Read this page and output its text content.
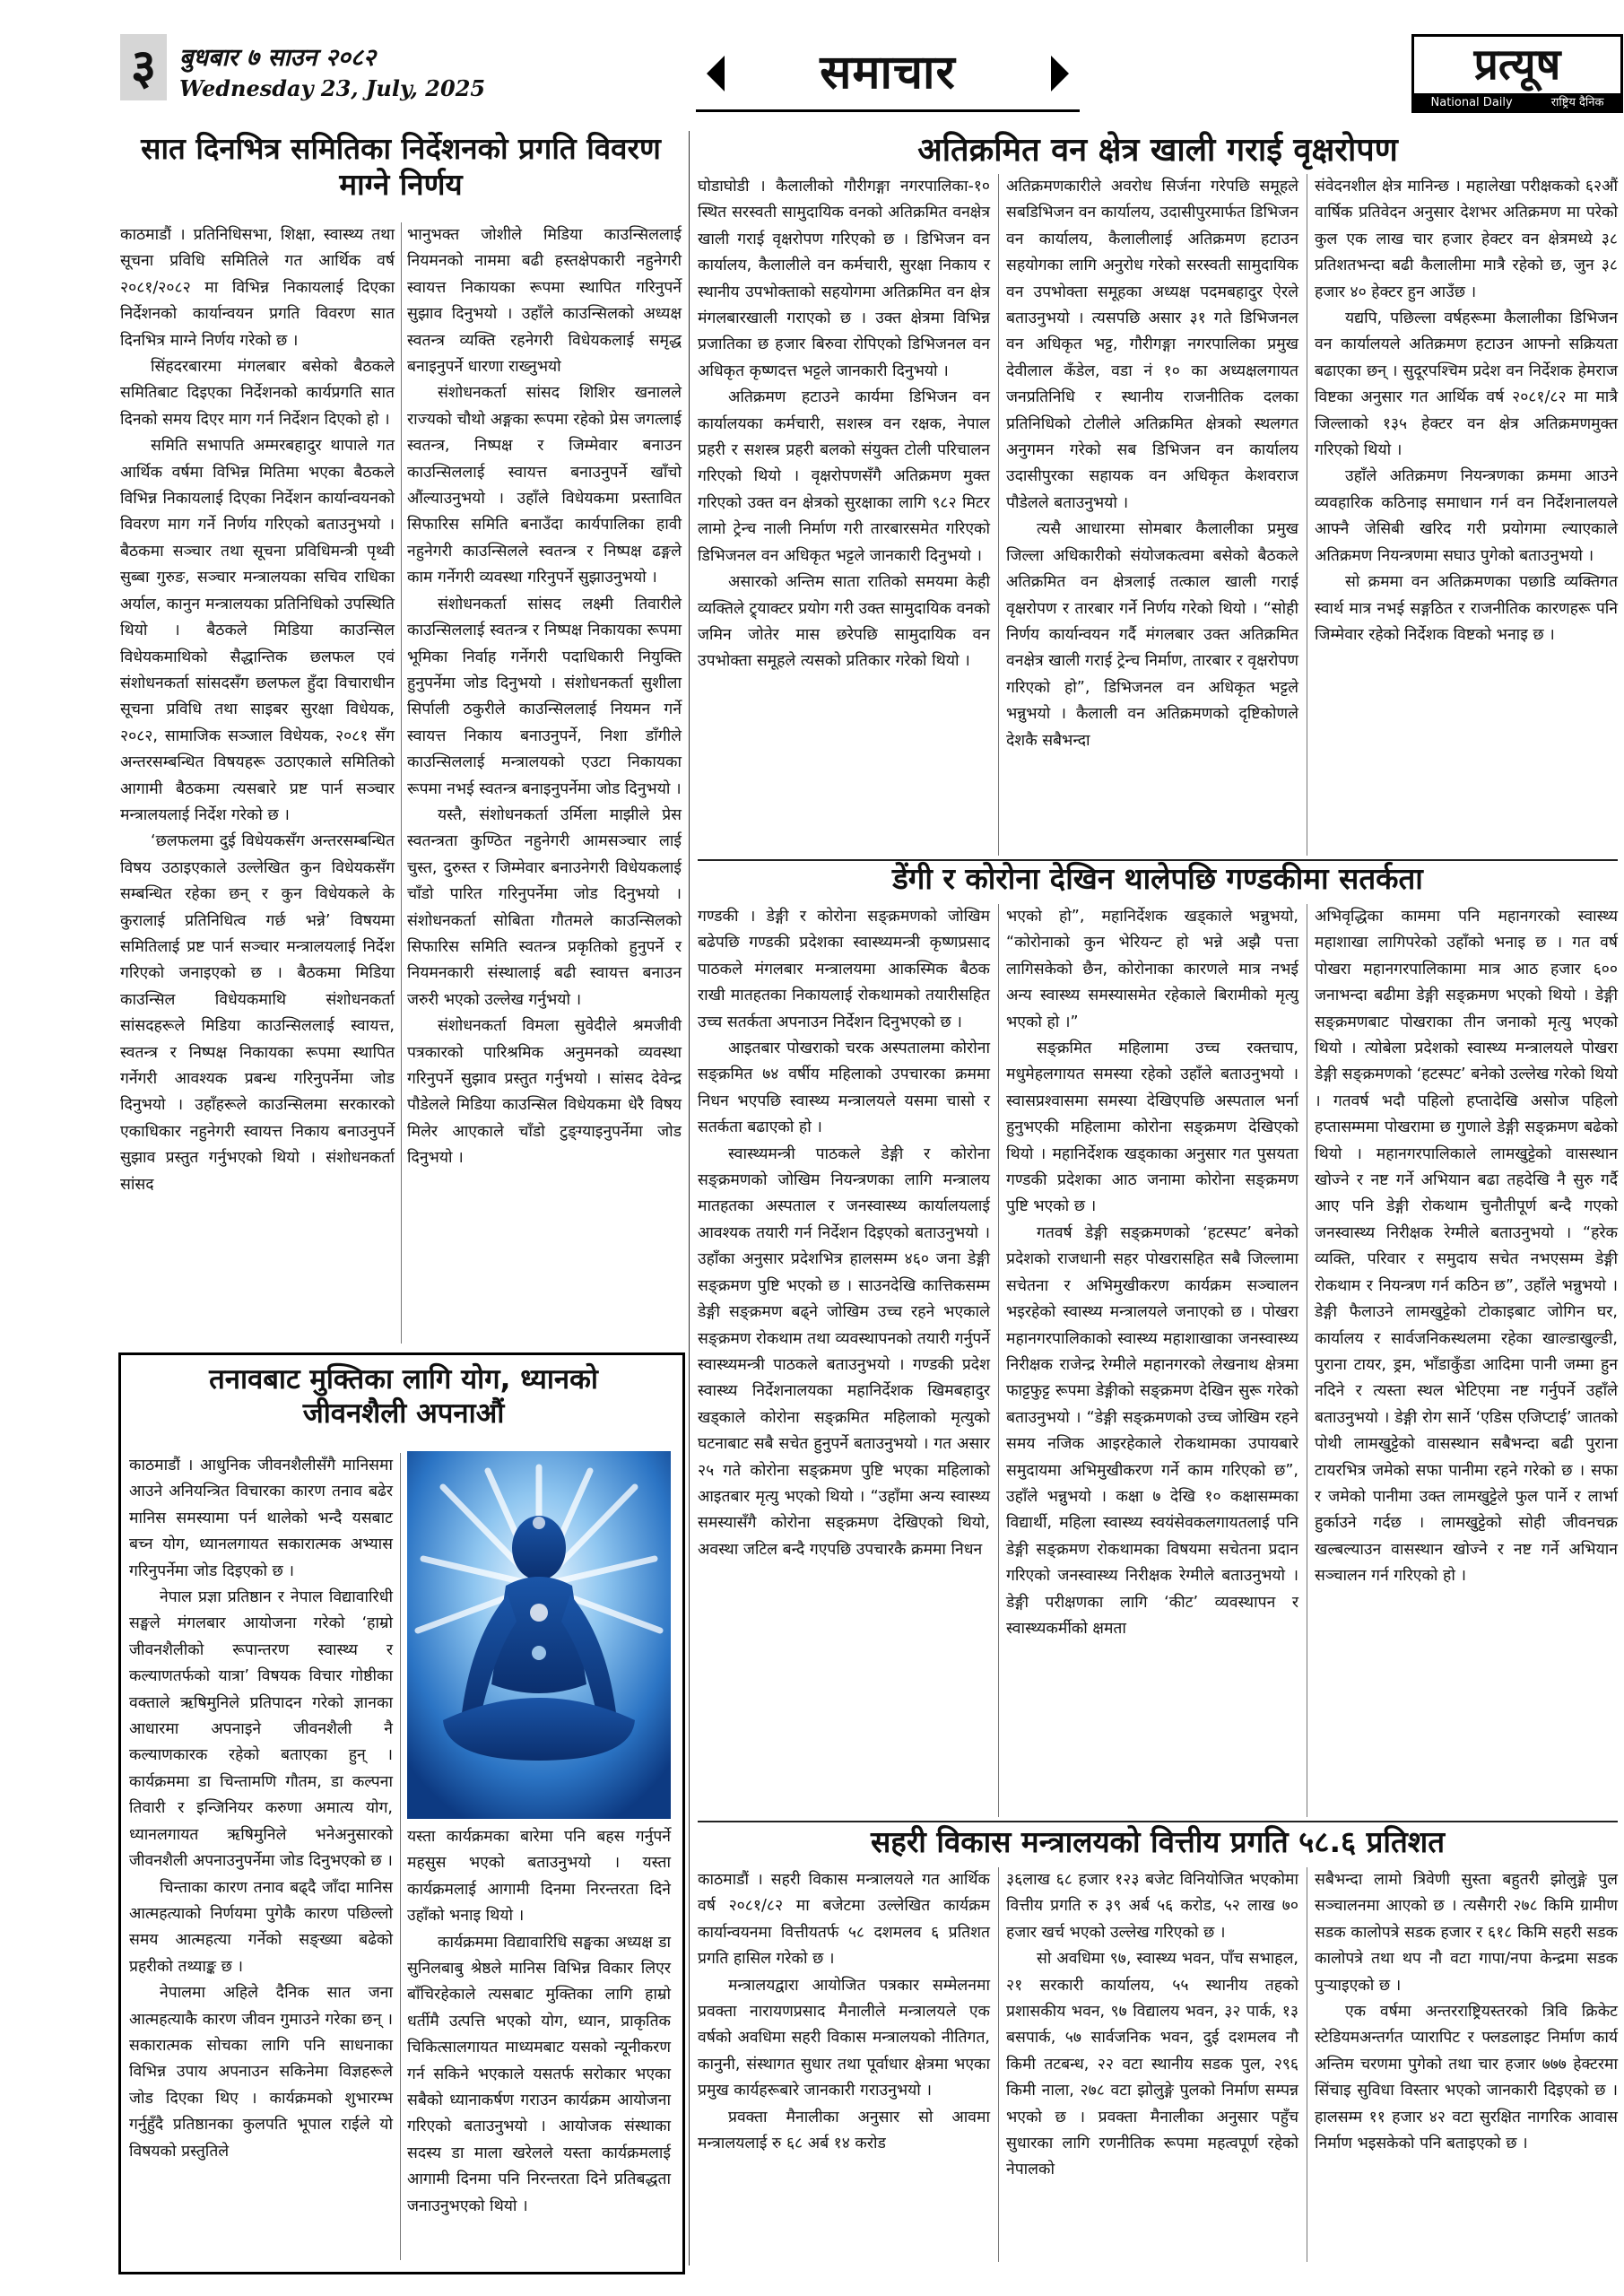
३ बुधबार ७ साउन २०८२
Wednesday 23, July, 2025	समाचार	प्रत्यूष
National Daily	राष्ट्रिय दैनिक
सात दिनभित्र समितिका निर्देशनको प्रगति विवरण माग्ने निर्णय

काठमाडौं । प्रतिनिधिसभा, शिक्षा, स्वास्थ्य तथा सूचना प्रविधि समितिले गत आर्थिक वर्ष २०८१/२०८२ मा विभिन्न निकायलाई दिएका निर्देशनको कार्यान्वयन प्रगति विवरण सात दिनभित्र माग्ने निर्णय गरेको छ ।

सिंहदरबारमा मंगलबार बसेको बैठकले समितिबाट दिइएका निर्देशनको कार्यप्रगति सात दिनको समय दिएर माग गर्न निर्देशन दिएको हो ।

समिति सभापति अम्मरबहादुर थापाले गत आर्थिक वर्षमा विभिन्न मितिमा भएका बैठकले विभिन्न निकायलाई दिएका निर्देशन कार्यान्वयनको विवरण माग गर्ने निर्णय गरिएको बताउनुभयो । बैठकमा सञ्चार तथा सूचना प्रविधिमन्त्री पृथ्वी सुब्बा गुरुङ, सञ्चार मन्त्रालयका सचिव राधिका अर्याल, कानुन मन्त्रालयका प्रतिनिधिको उपस्थिति थियो । बैठकले मिडिया काउन्सिल विधेयकमाथिको सैद्धान्तिक छलफल एवं संशोधनकर्ता सांसदसँग छलफल हुँदा विचाराधीन सूचना प्रविधि तथा साइबर सुरक्षा विधेयक, २०८२, सामाजिक सञ्जाल विधेयक, २०८१ सँग अन्तरसम्बन्धित विषयहरू उठाएकाले समितिको आगामी बैठकमा त्यसबारे प्रष्ट पार्न सञ्चार मन्त्रालयलाई निर्देश गरेको छ ।

‘छलफलमा दुई विधेयकसँग अन्तरसम्बन्धित विषय उठाइएकाले उल्लेखित कुन विधेयकसँग सम्बन्धित रहेका छन् र कुन विधेयकले के कुरालाई प्रतिनिधित्व गर्छ भन्ने’ विषयमा समितिलाई प्रष्ट पार्न सञ्चार मन्त्रालयलाई निर्देश गरिएको जनाइएको छ । बैठकमा मिडिया काउन्सिल विधेयकमाथि संशोधनकर्ता सांसदहरूले मिडिया काउन्सिललाई स्वायत्त, स्वतन्त्र र निष्पक्ष निकायका रूपमा स्थापित गर्नेगरी आवश्यक प्रबन्ध गरिनुपर्नेमा जोड दिनुभयो । उहाँहरूले काउन्सिलमा सरकारको एकाधिकार नहुनेगरी स्वायत्त निकाय बनाउनुपर्ने सुझाव प्रस्तुत गर्नुभएको थियो । संशोधनकर्ता सांसद

भानुभक्त जोशीले मिडिया काउन्सिललाई नियमनको नाममा बढी हस्तक्षेपकारी नहुनेगरी स्वायत्त निकायका रूपमा स्थापित गरिनुपर्ने सुझाव दिनुभयो । उहाँले काउन्सिलको अध्यक्ष स्वतन्त्र व्यक्ति रहनेगरी विधेयकलाई समृद्ध बनाइनुपर्ने धारणा राख्नुभयो

संशोधनकर्ता सांसद शिशिर खनालले राज्यको चौथो अङ्गका रूपमा रहेको प्रेस जगत्लाई स्वतन्त्र, निष्पक्ष र जिम्मेवार बनाउन काउन्सिललाई स्वायत्त बनाउनुपर्ने खाँचो औंल्याउनुभयो । उहाँले विधेयकमा प्रस्तावित सिफारिस समिति बनाउँदा कार्यपालिका हावी नहुनेगरी काउन्सिलले स्वतन्त्र र निष्पक्ष ढङ्गले काम गर्नेगरी व्यवस्था गरिनुपर्ने सुझाउनुभयो ।

संशोधनकर्ता सांसद लक्ष्मी तिवारीले काउन्सिललाई स्वतन्त्र र निष्पक्ष निकायका रूपमा भूमिका निर्वाह गर्नेगरी पदाधिकारी नियुक्ति हुनुपर्नेमा जोड दिनुभयो । संशोधनकर्ता सुशीला सिर्पाली ठकुरीले काउन्सिललाई नियमन गर्ने स्वायत्त निकाय बनाउनुपर्ने, निशा डाँगीले काउन्सिललाई मन्त्रालयको एउटा निकायका रूपमा नभई स्वतन्त्र बनाइनुपर्नेमा जोड दिनुभयो ।

यस्तै, संशोधनकर्ता उर्मिला माझीले प्रेस स्वतन्त्रता कुण्ठित नहुनेगरी आमसञ्चार लाई चुस्त, दुरुस्त र जिम्मेवार बनाउनेगरी विधेयकलाई चाँडो पारित गरिनुपर्नेमा जोड दिनुभयो । संशोधनकर्ता सोबिता गौतमले काउन्सिलको सिफारिस समिति स्वतन्त्र प्रकृतिको हुनुपर्ने र नियमनकारी संस्थालाई बढी स्वायत्त बनाउन जरुरी भएको उल्लेख गर्नुभयो ।

संशोधनकर्ता विमला सुवेदीले श्रमजीवी पत्रकारको पारिश्रमिक अनुमनको व्यवस्था गरिनुपर्ने सुझाव प्रस्तुत गर्नुभयो । सांसद देवेन्द्र पौडेलले मिडिया काउन्सिल विधेयकमा धेरै विषय मिलेर आएकाले चाँडो टुङ्ग्याइनुपर्नेमा जोड दिनुभयो ।

अतिक्रमित वन क्षेत्र खाली गराई वृक्षरोपण

घोडाघोडी । कैलालीको गौरीगङ्गा नगरपालिका-१० स्थित सरस्वती सामुदायिक वनको अतिक्रमित वनक्षेत्र खाली गराई वृक्षरोपण गरिएको छ । डिभिजन वन कार्यालय, कैलालीले वन कर्मचारी, सुरक्षा निकाय र स्थानीय उपभोक्ताको सहयोगमा अतिक्रमित वन क्षेत्र मंगलबारखाली गराएको छ । उक्त क्षेत्रमा विभिन्न प्रजातिका छ हजार बिरुवा रोपिएको डिभिजनल वन अधिकृत कृष्णदत्त भट्टले जानकारी दिनुभयो ।

अतिक्रमण हटाउने कार्यमा डिभिजन वन कार्यालयका कर्मचारी, सशस्त्र वन रक्षक, नेपाल प्रहरी र सशस्त्र प्रहरी बलको संयुक्त टोली परिचालन गरिएको थियो । वृक्षरोपणसँगै अतिक्रमण मुक्त गरिएको उक्त वन क्षेत्रको सुरक्षाका लागि ९८२ मिटर लामो ट्रेन्च नाली निर्माण गरी तारबारसमेत गरिएको डिभिजनल वन अधिकृत भट्टले जानकारी दिनुभयो ।

असारको अन्तिम साता रातिको समयमा केही व्यक्तिले ट्र्याक्टर प्रयोग गरी उक्त सामुदायिक वनको जमिन जोतेर मास छरेपछि सामुदायिक वन उपभोक्ता समूहले त्यसको प्रतिकार गरेको थियो ।

अतिक्रमणकारीले अवरोध सिर्जना गरेपछि समूहले सबडिभिजन वन कार्यालय, उदासीपुरमार्फत डिभिजन वन कार्यालय, कैलालीलाई अतिक्रमण हटाउन सहयोगका लागि अनुरोध गरेको सरस्वती सामुदायिक वन उपभोक्ता समूहका अध्यक्ष पदमबहादुर ऐरले बताउनुभयो । त्यसपछि असार ३१ गते डिभिजनल वन अधिकृत भट्ट, गौरीगङ्गा नगरपालिका प्रमुख देवीलाल कँडेल, वडा नं १० का अध्यक्षलगायत जनप्रतिनिधि र स्थानीय राजनीतिक दलका प्रतिनिधिको टोलीले अतिक्रमित क्षेत्रको स्थलगत अनुगमन गरेको सब डिभिजन वन कार्यालय उदासीपुरका सहायक वन अधिकृत केशवराज पौडेलले बताउनुभयो ।

त्यसै आधारमा सोमबार कैलालीका प्रमुख जिल्ला अधिकारीको संयोजकत्वमा बसेको बैठकले अतिक्रमित वन क्षेत्रलाई तत्काल खाली गराई वृक्षरोपण र तारबार गर्ने निर्णय गरेको थियो । “सोही निर्णय कार्यान्वयन गर्दै मंगलबार उक्त अतिक्रमित वनक्षेत्र खाली गराई ट्रेन्च निर्माण, तारबार र वृक्षरोपण गरिएको हो”, डिभिजनल वन अधिकृत भट्टले भन्नुभयो । कैलाली वन अतिक्रमणको दृष्टिकोणले देशकै सबैभन्दा

संवेदनशील क्षेत्र मानिन्छ । महालेखा परीक्षकको ६२औं वार्षिक प्रतिवेदन अनुसार देशभर अतिक्रमण मा परेको कुल एक लाख चार हजार हेक्टर वन क्षेत्रमध्ये ३८ प्रतिशतभन्दा बढी कैलालीमा मात्रै रहेको छ, जुन ३८ हजार ४० हेक्टर हुन आउँछ ।

यद्यपि, पछिल्ला वर्षहरूमा कैलालीका डिभिजन वन कार्यालयले अतिक्रमण हटाउन आफ्नो सक्रियता बढाएका छन् । सुदूरपश्चिम प्रदेश वन निर्देशक हेमराज विष्टका अनुसार गत आर्थिक वर्ष २०८१/८२ मा मात्रै जिल्लाको १३५ हेक्टर वन क्षेत्र अतिक्रमणमुक्त गरिएको थियो ।

उहाँले अतिक्रमण नियन्त्रणका क्रममा आउने व्यवहारिक कठिनाइ समाधान गर्न वन निर्देशनालयले आफ्नै जेसिबी खरिद गरी प्रयोगमा ल्याएकाले अतिक्रमण नियन्त्रणमा सघाउ पुगेको बताउनुभयो ।

सो क्रममा वन अतिक्रमणका पछाडि व्यक्तिगत स्वार्थ मात्र नभई सङ्गठित र राजनीतिक कारणहरू पनि जिम्मेवार रहेको निर्देशक विष्टको भनाइ छ ।

डेंगी र कोरोना देखिन थालेपछि गण्डकीमा सतर्कता

गण्डकी । डेङ्गी र कोरोना सङ्क्रमणको जोखिम बढेपछि गण्डकी प्रदेशका स्वास्थ्यमन्त्री कृष्णप्रसाद पाठकले मंगलबार मन्त्रालयमा आकस्मिक बैठक राखी मातहतका निकायलाई रोकथामको तयारीसहित उच्च सतर्कता अपनाउन निर्देशन दिनुभएको छ ।

आइतबार पोखराको चरक अस्पतालमा कोरोना सङ्क्रमित ७४ वर्षीय महिलाको उपचारका क्रममा निधन भएपछि स्वास्थ्य मन्त्रालयले यसमा चासो र सतर्कता बढाएको हो ।

स्वास्थ्यमन्त्री पाठकले डेङ्गी र कोरोना सङ्क्रमणको जोखिम नियन्त्रणका लागि मन्त्रालय मातहतका अस्पताल र जनस्वास्थ्य कार्यालयलाई आवश्यक तयारी गर्न निर्देशन दिइएको बताउनुभयो । उहाँका अनुसार प्रदेशभित्र हालसम्म ४६० जना डेङ्गी सङ्क्रमण पुष्टि भएको छ । साउनदेखि कात्तिकसम्म डेङ्गी सङ्क्रमण बढ्ने जोखिम उच्च रहने भएकाले सङ्क्रमण रोकथाम तथा व्यवस्थापनको तयारी गर्नुपर्ने स्वास्थ्यमन्त्री पाठकले बताउनुभयो । गण्डकी प्रदेश स्वास्थ्य निर्देशनालयका महानिर्देशक खिमबहादुर खड्काले कोरोना सङ्क्रमित महिलाको मृत्युको घटनाबाट सबै सचेत हुनुपर्ने बताउनुभयो । गत असार २५ गते कोरोना सङ्क्रमण पुष्टि भएका महिलाको आइतबार मृत्यु भएको थियो । “उहाँमा अन्य स्वास्थ्य समस्यासँगै कोरोना सङ्क्रमण देखिएको थियो, अवस्था जटिल बन्दै गएपछि उपचारकै क्रममा निधन

भएको हो”, महानिर्देशक खड्काले भन्नुभयो, “कोरोनाको कुन भेरियन्ट हो भन्ने अझै पत्ता लागिसकेको छैन, कोरोनाका कारणले मात्र नभई अन्य स्वास्थ्य समस्यासमेत रहेकाले बिरामीको मृत्यु भएको हो ।”

सङ्क्रमित महिलामा उच्च रक्तचाप, मधुमेहलगायत समस्या रहेको उहाँले बताउनुभयो । स्वासप्रश्वासमा समस्या देखिएपछि अस्पताल भर्ना हुनुभएकी महिलामा कोरोना सङ्क्रमण देखिएको थियो । महानिर्देशक खड्काका अनुसार गत पुसयता गण्डकी प्रदेशका आठ जनामा कोरोना सङ्क्रमण पुष्टि भएको छ ।

गतवर्ष डेङ्गी सङ्क्रमणको ‘हटस्पट’ बनेको प्रदेशको राजधानी सहर पोखरासहित सबै जिल्लामा सचेतना र अभिमुखीकरण कार्यक्रम सञ्चालन भइरहेको स्वास्थ्य मन्त्रालयले जनाएको छ । पोखरा महानगरपालिकाको स्वास्थ्य महाशाखाका जनस्वास्थ्य निरीक्षक राजेन्द्र रेग्मीले महानगरको लेखनाथ क्षेत्रमा फाट्टफुट्ट रूपमा डेङ्गीको सङ्क्रमण देखिन सुरू गरेको बताउनुभयो । “डेङ्गी सङ्क्रमणको उच्च जोखिम रहने समय नजिक आइरहेकाले रोकथामका उपायबारे समुदायमा अभिमुखीकरण गर्ने काम गरिएको छ”, उहाँले भन्नुभयो । कक्षा ७ देखि १० कक्षासम्मका विद्यार्थी, महिला स्वास्थ्य स्वयंसेवकलगायतलाई पनि डेङ्गी सङ्क्रमण रोकथामका विषयमा सचेतना प्रदान गरिएको जनस्वास्थ्य निरीक्षक रेग्मीले बताउनुभयो । डेङ्गी परीक्षणका लागि ‘कीट’ व्यवस्थापन र स्वास्थ्यकर्मीको क्षमता

अभिवृद्धिका काममा पनि महानगरको स्वास्थ्य महाशाखा लागिपरेको उहाँको भनाइ छ । गत वर्ष पोखरा महानगरपालिकामा मात्र आठ हजार ६०० जनाभन्दा बढीमा डेङ्गी सङ्क्रमण भएको थियो । डेङ्गी सङ्क्रमणबाट पोखराका तीन जनाको मृत्यु भएको थियो । त्योबेला प्रदेशको स्वास्थ्य मन्त्रालयले पोखरा डेङ्गी सङ्क्रमणको ‘हटस्पट’ बनेको उल्लेख गरेको थियो । गतवर्ष भदौ पहिलो हप्तादेखि असोज पहिलो हप्तासम्ममा पोखरामा छ गुणाले डेङ्गी सङ्क्रमण बढेको थियो । महानगरपालिकाले लामखुट्टेको वासस्थान खोज्ने र नष्ट गर्ने अभियान बढा तहदेखि नै सुरु गर्दै आए पनि डेङ्गी रोकथाम चुनौतीपूर्ण बन्दै गएको जनस्वास्थ्य निरीक्षक रेग्मीले बताउनुभयो । “हरेक व्यक्ति, परिवार र समुदाय सचेत नभएसम्म डेङ्गी रोकथाम र नियन्त्रण गर्न कठिन छ”, उहाँले भन्नुभयो । डेङ्गी फैलाउने लामखुट्टेको टोकाइबाट जोगिन घर, कार्यालय र सार्वजनिकस्थलमा रहेका खाल्डाखुल्डी, पुराना टायर, ड्रम, भाँडाकुँडा आदिमा पानी जम्मा हुन नदिने र त्यस्ता स्थल भेटिएमा नष्ट गर्नुपर्ने उहाँले बताउनुभयो । डेङ्गी रोग सार्ने ‘एडिस एजिप्टाई’ जातको पोथी लामखुट्टेको वासस्थान सबैभन्दा बढी पुराना टायरभित्र जमेको सफा पानीमा रहने गरेको छ । सफा र जमेको पानीमा उक्त लामखुट्टेले फुल पार्ने र लार्भा हुर्काउने गर्दछ । लामखुट्टेको सोही जीवनचक्र खल्बल्याउन वासस्थान खोज्ने र नष्ट गर्ने अभियान सञ्चालन गर्न गरिएको हो ।

तनावबाट मुक्तिका लागि योग, ध्यानको जीवनशैली अपनाऔं

काठमाडौं । आधुनिक जीवनशैलीसँगै मानिसमा आउने अनियन्त्रित विचारका कारण तनाव बढेर मानिस समस्यामा पर्न थालेको भन्दै यसबाट बच्न योग, ध्यानलगायत सकारात्मक अभ्यास गरिनुपर्नेमा जोड दिइएको छ ।

नेपाल प्रज्ञा प्रतिष्ठान र नेपाल विद्यावारिधी सङ्घले मंगलबार आयोजना गरेको ‘हाम्रो जीवनशैलीको रूपान्तरण स्वास्थ्य र कल्याणतर्फको यात्रा’ विषयक विचार गोष्ठीका वक्ताले ऋषिमुनिले प्रतिपादन गरेको ज्ञानका आधारमा अपनाइने जीवनशैली नै कल्याणकारक रहेको बताएका हुन् । कार्यक्रममा डा चिन्तामणि गौतम, डा कल्पना तिवारी र इन्जिनियर करुणा अमात्य योग, ध्यानलगायत ऋषिमुनिले भनेअनुसारको जीवनशैली अपनाउनुपर्नेमा जोड दिनुभएको छ ।

चिन्ताका कारण तनाव बढ्दै जाँदा मानिस आत्महत्याको निर्णयमा पुगेकै कारण पछिल्लो समय आत्महत्या गर्नेको सङ्ख्या बढेको प्रहरीको तथ्याङ्क छ ।

नेपालमा अहिले दैनिक सात जना आत्महत्याकै कारण जीवन गुमाउने गरेका छन् । सकारात्मक सोचका लागि पनि साधनाका विभिन्न उपाय अपनाउन सकिनेमा विज्ञहरूले जोड दिएका थिए । कार्यक्रमको शुभारम्भ गर्नुहुँदै प्रतिष्ठानका कुलपति भूपाल राईले यो विषयको प्रस्तुतिले

यस्ता कार्यक्रमका बारेमा पनि बहस गर्नुपर्ने महसुस भएको बताउनुभयो । यस्ता कार्यक्रमलाई आगामी दिनमा निरन्तरता दिने उहाँको भनाइ थियो ।

कार्यक्रममा विद्यावारिधि सङ्घका अध्यक्ष डा सुनिलबाबु श्रेष्ठले मानिस विभिन्न विकार लिएर बाँचिरहेकाले त्यसबाट मुक्तिका लागि हाम्रो धर्तीमै उत्पत्ति भएको योग, ध्यान, प्राकृतिक चिकित्सालगायत माध्यमबाट यसको न्यूनीकरण गर्न सकिने भएकाले यसतर्फ सरोकार भएका सबैको ध्यानाकर्षण गराउन कार्यक्रम आयोजना गरिएको बताउनुभयो । आयोजक संस्थाका सदस्य डा माला खरेलले यस्ता कार्यक्रमलाई आगामी दिनमा पनि निरन्तरता दिने प्रतिबद्धता जनाउनुभएको थियो ।

सहरी विकास मन्त्रालयको वित्तीय प्रगति ५८.६ प्रतिशत

काठमाडौं । सहरी विकास मन्त्रालयले गत आर्थिक वर्ष २०८१/८२ मा बजेटमा उल्लेखित कार्यक्रम कार्यान्वयनमा वित्तीयतर्फ ५८ दशमलव ६ प्रतिशत प्रगति हासिल गरेको छ ।

मन्त्रालयद्वारा आयोजित पत्रकार सम्मेलनमा प्रवक्ता नारायणप्रसाद मैनालीले मन्त्रालयले एक वर्षको अवधिमा सहरी विकास मन्त्रालयको नीतिगत, कानुनी, संस्थागत सुधार तथा पूर्वाधार क्षेत्रमा भएका प्रमुख कार्यहरूबारे जानकारी गराउनुभयो ।

प्रवक्ता मैनालीका अनुसार सो आवमा मन्त्रालयलाई रु ६८ अर्ब १४ करोड

३६लाख ६८ हजार १२३ बजेट विनियोजित भएकोमा वित्तीय प्रगति रु ३९ अर्ब ५६ करोड, ५२ लाख ७० हजार खर्च भएको उल्लेख गरिएको छ ।

सो अवधिमा ९७, स्वास्थ्य भवन, पाँच सभाहल, २१ सरकारी कार्यालय, ५५ स्थानीय तहको प्रशासकीय भवन, ९७ विद्यालय भवन, ३२ पार्क, १३ बसपार्क, ५७ सार्वजनिक भवन, दुई दशमलव नौ किमी तटबन्ध, २२ वटा स्थानीय सडक पुल, २९६ किमी नाला, २७८ वटा झोलुङ्गे पुलको निर्माण सम्पन्न भएको छ । प्रवक्ता मैनालीका अनुसार पहुँच सुधारका लागि रणनीतिक रूपमा महत्वपूर्ण रहेको नेपालको

सबैभन्दा लामो त्रिवेणी सुस्ता बहुतरी झोलुङ्गे पुल सञ्चालनमा आएको छ । त्यसैगरी २७८ किमि ग्रामीण सडक कालोपत्रे सडक हजार र ६१८ किमि सहरी सडक कालोपत्रे तथा थप नौ वटा गापा/नपा केन्द्रमा सडक पुऱ्याइएको छ ।

एक वर्षमा अन्तरराष्ट्रियस्तरको त्रिवि क्रिकेट स्टेडियमअन्तर्गत प्यारापिट र फ्लडलाइट निर्माण कार्य अन्तिम चरणमा पुगेको तथा चार हजार ७७७ हेक्टरमा सिंचाइ सुविधा विस्तार भएको जानकारी दिइएको छ । हालसम्म ११ हजार ४२ वटा सुरक्षित नागरिक आवास निर्माण भइसकेको पनि बताइएको छ ।
